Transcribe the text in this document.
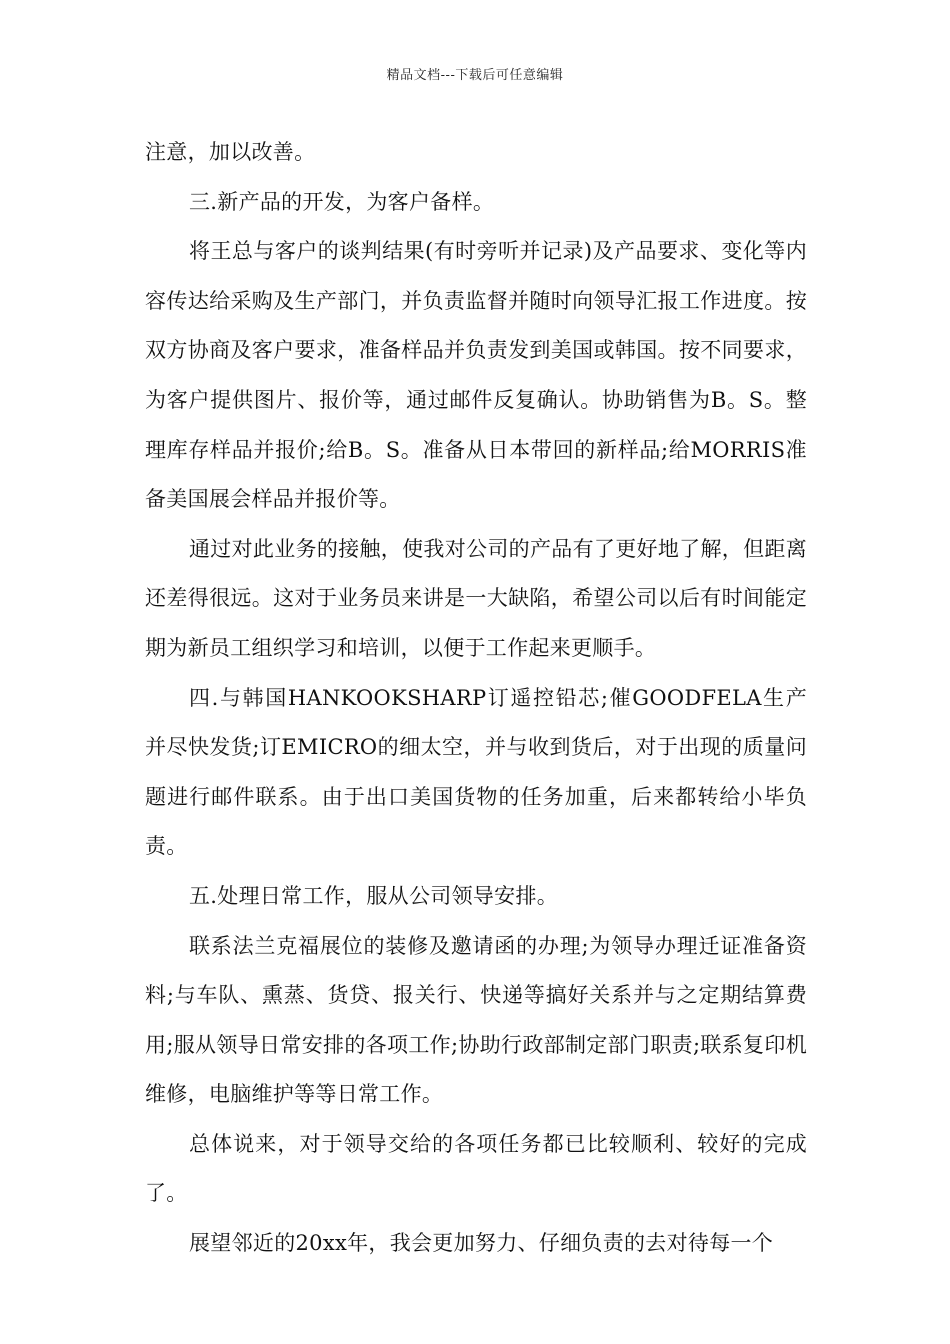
精品文档---下载后可任意编辑

注意，加以改善。

三.新产品的开发，为客户备样。

将王总与客户的谈判结果(有时旁听并记录)及产品要求、变化等内容传达给采购及生产部门，并负责监督并随时向领导汇报工作进度。按双方协商及客户要求，准备样品并负责发到美国或韩国。按不同要求，为客户提供图片、报价等，通过邮件反复确认。协助销售为B。S。整理库存样品并报价;给B。S。准备从日本带回的新样品;给MORRIS准备美国展会样品并报价等。

通过对此业务的接触，使我对公司的产品有了更好地了解，但距离还差得很远。这对于业务员来讲是一大缺陷，希望公司以后有时间能定期为新员工组织学习和培训，以便于工作起来更顺手。

四.与韩国HANKOOKSHARP订遥控铅芯;催GOODFELA生产并尽快发货;订EMICRO的细太空，并与收到货后，对于出现的质量问题进行邮件联系。由于出口美国货物的任务加重，后来都转给小毕负责。

五.处理日常工作，服从公司领导安排。

联系法兰克福展位的装修及邀请函的办理;为领导办理迁证准备资料;与车队、熏蒸、货贷、报关行、快递等搞好关系并与之定期结算费用;服从领导日常安排的各项工作;协助行政部制定部门职责;联系复印机维修，电脑维护等等日常工作。

总体说来，对于领导交给的各项任务都已比较顺利、较好的完成了。

展望邻近的20xx年，我会更加努力、仔细负责的去对待每一个
